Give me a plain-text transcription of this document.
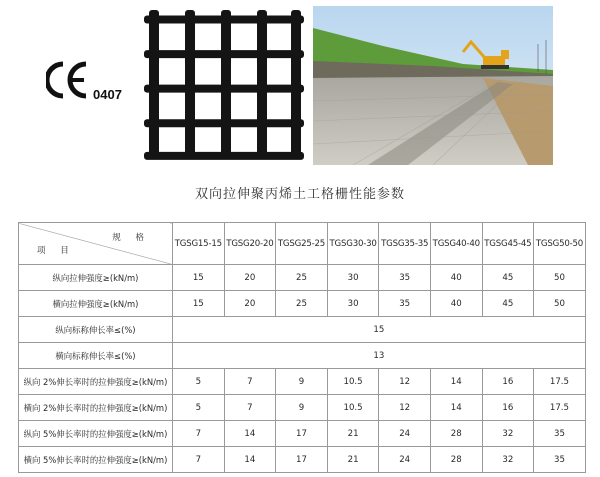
0407
双向拉伸聚丙烯土工格栅性能参数
规 格
项 目	TGSG15-15	TGSG20-20	TGSG25-25	TGSG30-30	TGSG35-35	TGSG40-40	TGSG45-45	TGSG50-50
纵向拉伸强度≥(kN/m)	15	20	25	30	35	40	45	50
横向拉伸强度≥(kN/m)	15	20	25	30	35	40	45	50
纵向标称伸长率≤(%)	15							
横向标称伸长率≤(%)	13							
纵向 2%伸长率时的拉伸强度≥(kN/m)	5	7	9	10.5	12	14	16	17.5
横向 2%伸长率时的拉伸强度≥(kN/m)	5	7	9	10.5	12	14	16	17.5
纵向 5%伸长率时的拉伸强度≥(kN/m)	7	14	17	21	24	28	32	35
横向 5%伸长率时的拉伸强度≥(kN/m)	7	14	17	21	24	28	32	35
